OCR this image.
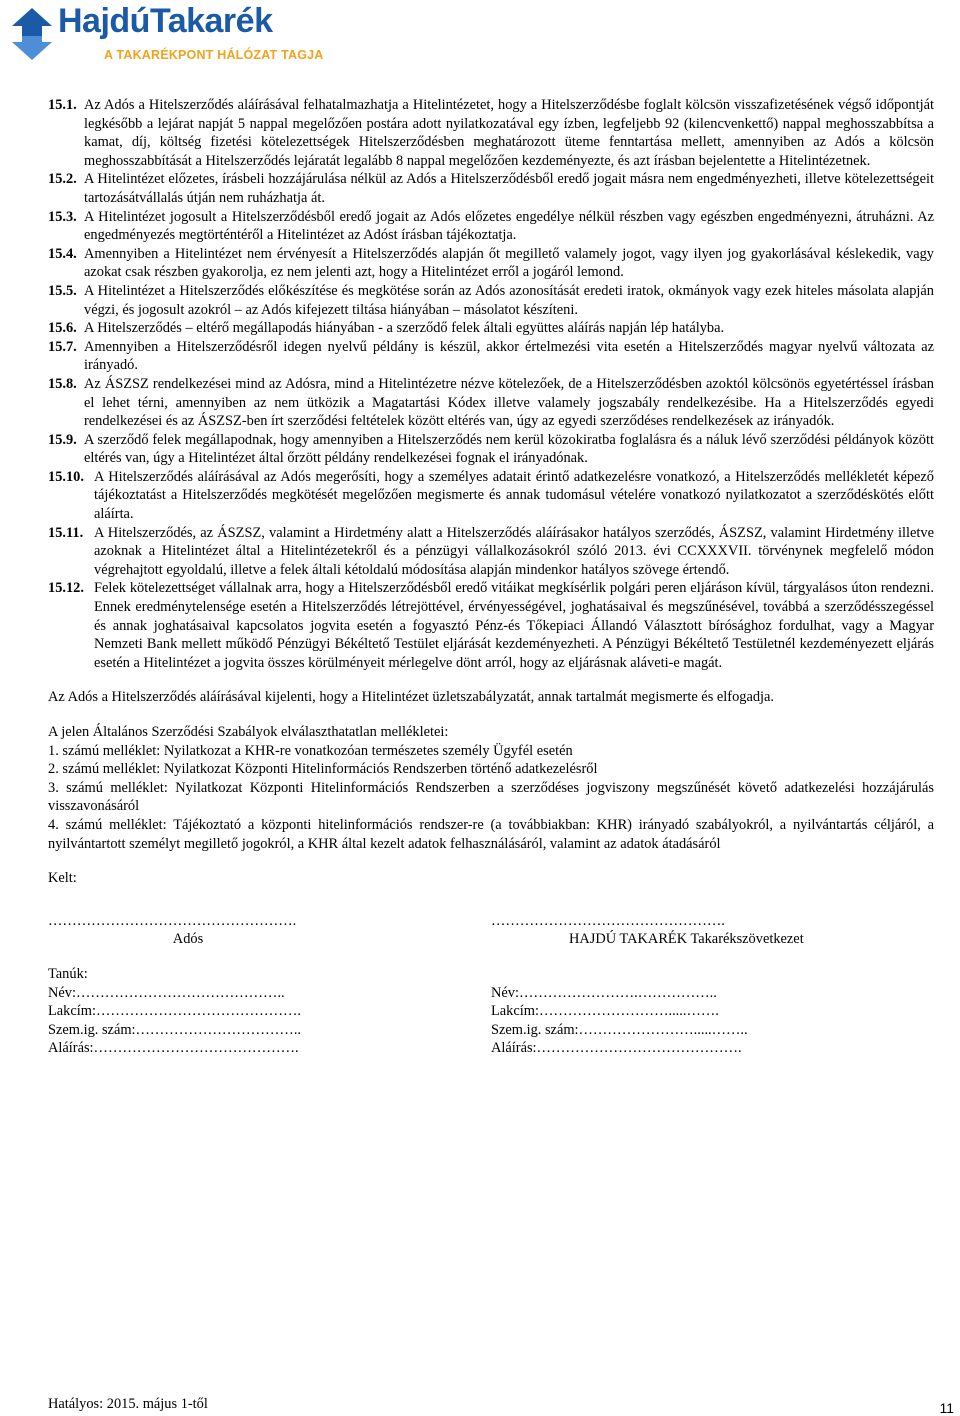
HajdúTakarék
A TAKARÉKPONT HÁLÓZAT TAGJA
15.1. Az Adós a Hitelszerződés aláírásával felhatalmazhatja a Hitelintézetet, hogy a Hitelszerződésbe foglalt kölcsön visszafizetésének végső időpontját legkésőbb a lejárat napját 5 nappal megelőzően postára adott nyilatkozatával egy ízben, legfeljebb 92 (kilencvenkettő) nappal meghosszabbítsa a kamat, díj, költség fizetési kötelezettségek Hitelszerződésben meghatározott üteme fenntartása mellett, amennyiben az Adós a kölcsön meghosszabbítását a Hitelszerződés lejáratát legalább 8 nappal megelőzően kezdeményezte, és azt írásban bejelentette a Hitelintézetnek.
15.2. A Hitelintézet előzetes, írásbeli hozzájárulása nélkül az Adós a Hitelszerződésből eredő jogait másra nem engedményezheti, illetve kötelezettségeit tartozásátvállalás útján nem ruházhatja át.
15.3. A Hitelintézet jogosult a Hitelszerződésből eredő jogait az Adós előzetes engedélye nélkül részben vagy egészben engedményezni, átruházni. Az engedményezés megtörténtéről a Hitelintézet az Adóst írásban tájékoztatja.
15.4. Amennyiben a Hitelintézet nem érvényesít a Hitelszerződés alapján őt megillető valamely jogot, vagy ilyen jog gyakorlásával késlekedik, vagy azokat csak részben gyakorolja, ez nem jelenti azt, hogy a Hitelintézet erről a jogáról lemond.
15.5. A Hitelintézet a Hitelszerződés előkészítése és megkötése során az Adós azonosítását eredeti iratok, okmányok vagy ezek hiteles másolata alapján végzi, és jogosult azokról – az Adós kifejezett tiltása hiányában – másolatot készíteni.
15.6. A Hitelszerződés – eltérő megállapodás hiányában - a szerződő felek általi együttes aláírás napján lép hatályba.
15.7. Amennyiben a Hitelszerződésről idegen nyelvű példány is készül, akkor értelmezési vita esetén a Hitelszerződés magyar nyelvű változata az irányadó.
15.8. Az ÁSZSZ rendelkezései mind az Adósra, mind a Hitelintézetre nézve kötelezőek, de a Hitelszerződésben azoktól kölcsönös egyetértéssel írásban el lehet térni, amennyiben az nem ütközik a Magatartási Kódex illetve valamely jogszabály rendelkezésibe. Ha a Hitelszerződés egyedi rendelkezései és az ÁSZSZ-ben írt szerződési feltételek között eltérés van, úgy az egyedi szerződéses rendelkezések az irányadók.
15.9. A szerződő felek megállapodnak, hogy amennyiben a Hitelszerződés nem kerül közokiratba foglalásra és a náluk lévő szerződési példányok között eltérés van, úgy a Hitelintézet által őrzött példány rendelkezései fognak el irányadónak.
15.10. A Hitelszerződés aláírásával az Adós megerősíti, hogy a személyes adatait érintő adatkezelésre vonatkozó, a Hitelszerződés mellékletét képező tájékoztatást a Hitelszerződés megkötését megelőzően megismerte és annak tudomásul vételére vonatkozó nyilatkozatot a szerződéskötés előtt aláírta.
15.11. A Hitelszerződés, az ÁSZSZ, valamint a Hirdetmény alatt a Hitelszerződés aláírásakor hatályos szerződés, ÁSZSZ, valamint Hirdetmény illetve azoknak a Hitelintézet által a Hitelintézetekről és a pénzügyi vállalkozásokról szóló 2013. évi CCXXXVII. törvénynek megfelelő módon végrehajtott egyoldalú, illetve a felek általi kétoldalú módosítása alapján mindenkor hatályos szövege értendő.
15.12. Felek kötelezettséget vállalnak arra, hogy a Hitelszerződésből eredő vitáikat megkísérlik polgári peren eljáráson kívül, tárgyalásos úton rendezni. Ennek eredménytelensége esetén a Hitelszerződés létrejöttével, érvényességével, joghatásaival és megszűnésével, továbbá a szerződésszegéssel és annak joghatásaival kapcsolatos jogvita esetén a fogyasztó Pénz-és Tőkepiaci Állandó Választott bírósághoz fordulhat, vagy a Magyar Nemzeti Bank mellett működő Pénzügyi Békéltető Testület eljárását kezdeményezheti. A Pénzügyi Békéltető Testületnél kezdeményezett eljárás esetén a Hitelintézet a jogvita összes körülményeit mérlegelve dönt arról, hogy az eljárásnak aláveti-e magát.
Az Adós a Hitelszerződés aláírásával kijelenti, hogy a Hitelintézet üzletszabályzatát, annak tartalmát megismerte és elfogadja.
A jelen Általános Szerződési Szabályok elválaszthatatlan mellékletei:
1. számú melléklet: Nyilatkozat a KHR-re vonatkozóan természetes személy Ügyfél esetén
2. számú melléklet: Nyilatkozat Központi Hitelinformációs Rendszerben történő adatkezelésről
3. számú melléklet: Nyilatkozat Központi Hitelinformációs Rendszerben a szerződéses jogviszony megszűnését követő adatkezelési hozzájárulás visszavonásáról
4. számú melléklet: Tájékoztató a központi hitelinformációs rendszer-re (a továbbiakban: KHR) irányadó szabályokról, a nyilvántartás céljáról, a nyilvántartott személyt megillető jogokról, a KHR által kezelt adatok felhasználásáról, valamint az adatok átadásáról
Kelt:
…………………………………………….
Adós
………………………………………….
HAJDÚ TAKARÉK Takarékszövetkezet
Tanúk:
Név:……………………………………..
Lakcím:…………………………………….
Szem.ig. szám:……………………………..
Aláírás:…………………………………….
Név:…………………….……………..
Lakcím:……………………….....…….
Szem.ig. szám:…………………….....……..
Aláírás:…………………………………….
Hatályos: 2015. május 1-től	11
